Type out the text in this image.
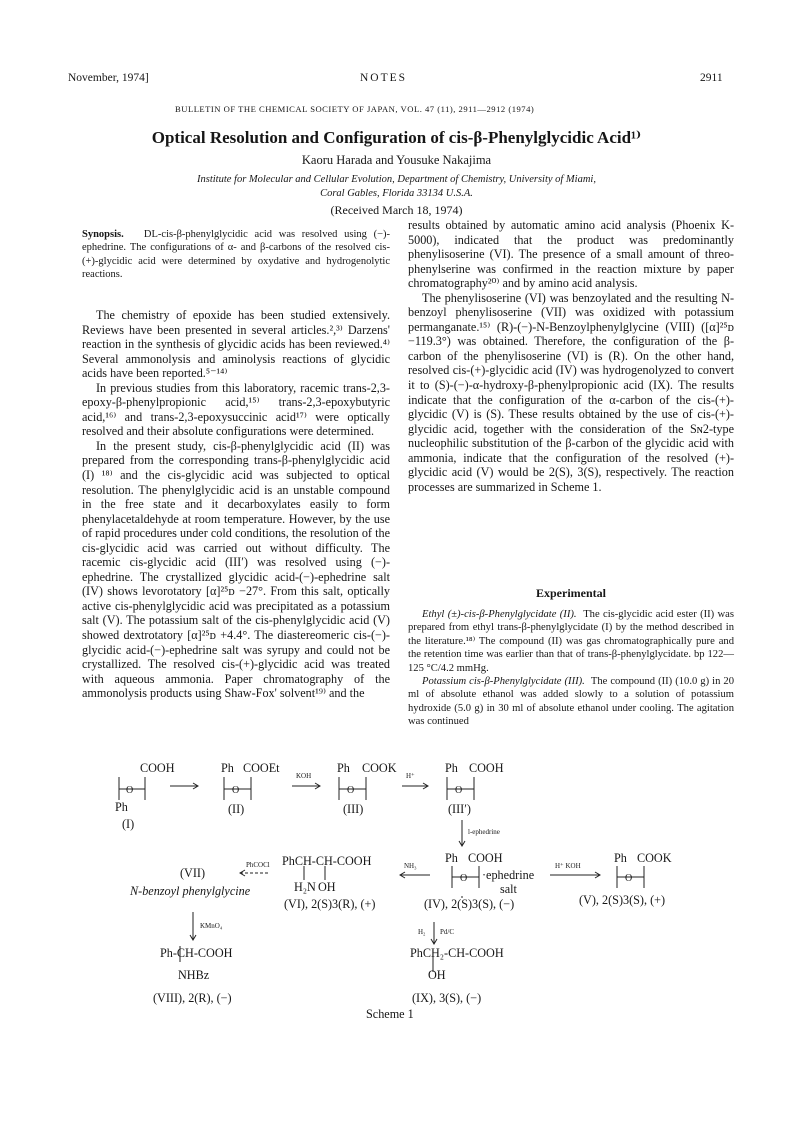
November, 1974]	NOTES	2911
BULLETIN OF THE CHEMICAL SOCIETY OF JAPAN, VOL. 47 (11), 2911—2912 (1974)
Optical Resolution and Configuration of cis-β-Phenylglycidic Acid¹⁾
Kaoru Harada and Yousuke Nakajima
Institute for Molecular and Cellular Evolution, Department of Chemistry, University of Miami,
Coral Gables, Florida 33134 U.S.A.
(Received March 18, 1974)
Synopsis. DL-cis-β-phenylglycidic acid was resolved using (−)-ephedrine. The configurations of α- and β-carbons of the resolved cis-(+)-glycidic acid were determined by oxydative and hydrogenolytic reactions.

The chemistry of epoxide has been studied extensively. Reviews have been presented in several articles.²,³⁾ Darzens' reaction in the synthesis of glycidic acids has been reviewed.⁴⁾ Several ammonolysis and aminolysis reactions of glycidic acids have been reported.⁵⁻¹⁴⁾

In previous studies from this laboratory, racemic trans-2,3-epoxy-β-phenylpropionic acid,¹⁵⁾ trans-2,3-epoxybutyric acid,¹⁶⁾ and trans-2,3-epoxysuccinic acid¹⁷⁾ were optically resolved and their absolute configurations were determined.

In the present study, cis-β-phenylglycidic acid (II) was prepared from the corresponding trans-β-phenylglycidic acid (I) ¹⁸⁾ and the cis-glycidic acid was subjected to optical resolution. The phenylglycidic acid is an unstable compound in the free state and it decarboxylates easily to form phenylacetaldehyde at room temperature. However, by the use of rapid procedures under cold conditions, the resolution of the cis-glycidic acid was carried out without difficulty. The racemic cis-glycidic acid (III′) was resolved using (−)-ephedrine. The crystallized glycidic acid-(−)-ephedrine salt (IV) shows levorotatory [α]²⁵ᴅ −27°. From this salt, optically active cis-phenylglycidic acid was precipitated as a potassium salt (V). The potassium salt of the cis-phenylglycidic acid (V) showed dextrotatory [α]²⁵ᴅ +4.4°. The diastereomeric cis-(−)-glycidic acid-(−)-ephedrine salt was syrupy and could not be crystallized. The resolved cis-(+)-glycidic acid was treated with aqueous ammonia. Paper chromatography of the ammonolysis products using Shaw-Fox' solvent¹⁹⁾ and the

results obtained by automatic amino acid analysis (Phoenix K-5000), indicated that the product was predominantly phenylisoserine (VI). The presence of a small amount of threo-phenylserine was confirmed in the reaction mixture by paper chromatography²⁰⁾ and by amino acid analysis.

The phenylisoserine (VI) was benzoylated and the resulting N-benzoyl phenylisoserine (VII) was oxidized with potassium permanganate.¹⁵⁾ (R)-(−)-N-Benzoylphenylglycine (VIII) ([α]²⁵ᴅ −119.3°) was obtained. Therefore, the configuration of the β-carbon of the phenylisoserine (VI) is (R). On the other hand, resolved cis-(+)-glycidic acid (IV) was hydrogenolyzed to convert it to (S)-(−)-α-hydroxy-β-phenylpropionic acid (IX). The results indicate that the configuration of the α-carbon of the cis-(+)-glycidic (V) is (S). These results obtained by the use of cis-(+)-glycidic acid, together with the consideration of the Sɴ2-type nucleophilic substitution of the β-carbon of the glycidic acid with ammonia, indicate that the configuration of the resolved (+)-glycidic acid (V) would be 2(S), 3(S), respectively. The reaction processes are summarized in Scheme 1.

Experimental

Ethyl (±)-cis-β-Phenylglycidate (II). The cis-glycidic acid ester (II) was prepared from ethyl trans-β-phenylglycidate (I) by the method described in the literature.¹⁸⁾ The compound (II) was gas chromatographically pure and the retention time was earlier than that of trans-β-phenylglycidate. bp 122—125 °C/4.2 mmHg.

Potassium cis-β-Phenylglycidate (III). The compound (II) (10.0 g) in 20 ml of absolute ethanol was added slowly to a solution of potassium hydroxide (5.0 g) in 30 ml of absolute ethanol under cooling. The agitation was continued

COOH
O
Ph
(I)
Ph COOEt
O
(II)
KOH
Ph COOK
O
(III)
H⁺
Ph COOH
O
(III′)
l-ephedrine
(VII)
PhCOCl
N-benzoyl phenylglycine
PhCH-CH-COOH
H₂N OH
(VI), 2(S)3(R), (+)
NH₃
Ph COOH
O ·ephedrine
salt
(IV), 2(S)3(S), (−)
H⁺ KOH
Ph COOK
O
(V), 2(S)3(S), (+)
KMnO₄
Ph-CH-COOH
NHBz
(VIII), 2(R), (−)
H₂ Pd/C
PhCH₂-CH-COOH
OH
(IX), 3(S), (−)
Scheme 1
